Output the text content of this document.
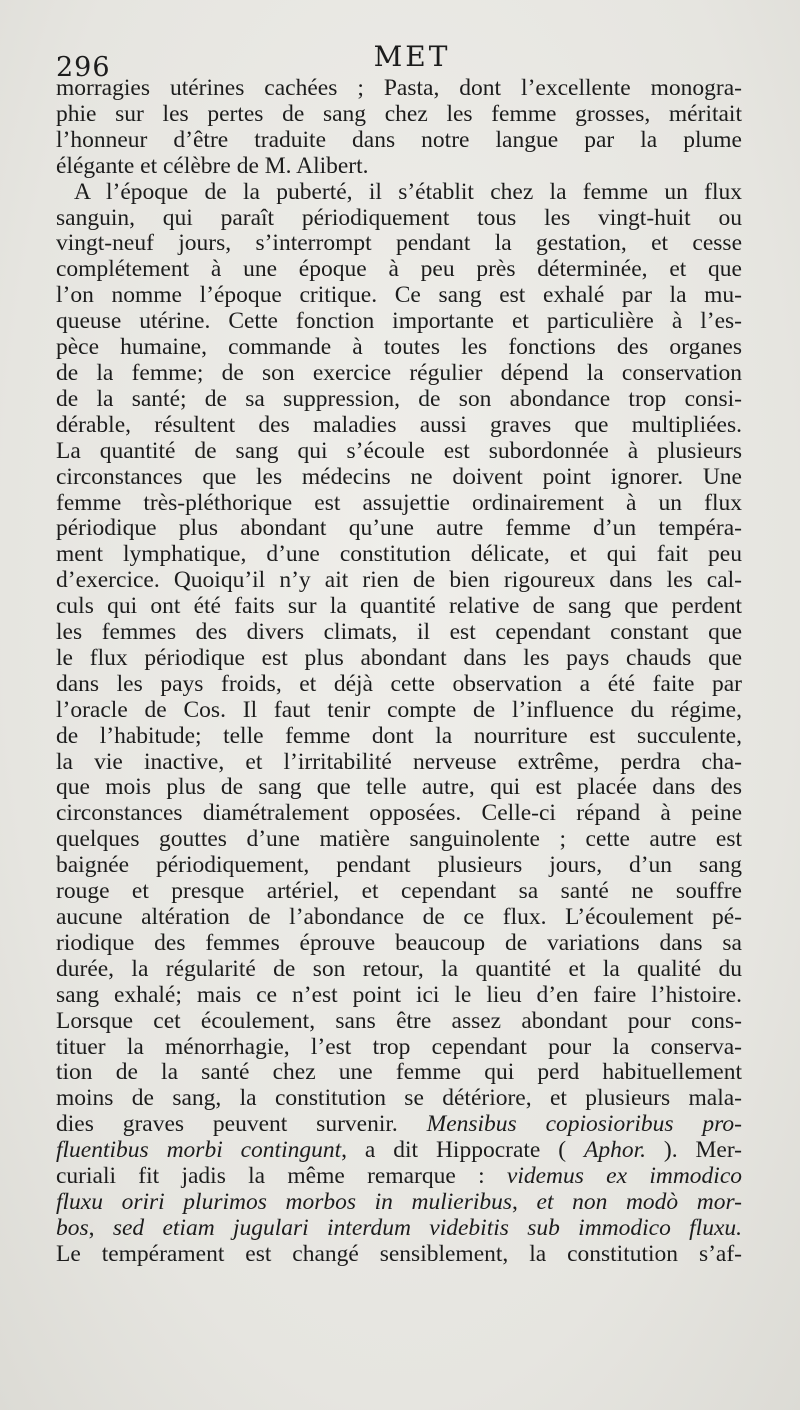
296	MET
morragies utérines cachées ; Pasta, dont l’excellente monogra-
phie sur les pertes de sang chez les femme grosses, méritait
l’honneur d’être traduite dans notre langue par la plume
élégante et célèbre de M. Alibert.
A l’époque de la puberté, il s’établit chez la femme un flux
sanguin, qui paraît périodiquement tous les vingt-huit ou
vingt-neuf jours, s’interrompt pendant la gestation, et cesse
complétement à une époque à peu près déterminée, et que
l’on nomme l’époque critique. Ce sang est exhalé par la mu-
queuse utérine. Cette fonction importante et particulière à l’es-
pèce humaine, commande à toutes les fonctions des organes
de la femme; de son exercice régulier dépend la conservation
de la santé; de sa suppression, de son abondance trop consi-
dérable, résultent des maladies aussi graves que multipliées.
La quantité de sang qui s’écoule est subordonnée à plusieurs
circonstances que les médecins ne doivent point ignorer. Une
femme très-pléthorique est assujettie ordinairement à un flux
périodique plus abondant qu’une autre femme d’un tempéra-
ment lymphatique, d’une constitution délicate, et qui fait peu
d’exercice. Quoiqu’il n’y ait rien de bien rigoureux dans les cal-
culs qui ont été faits sur la quantité relative de sang que perdent
les femmes des divers climats, il est cependant constant que
le flux périodique est plus abondant dans les pays chauds que
dans les pays froids, et déjà cette observation a été faite par
l’oracle de Cos. Il faut tenir compte de l’influence du régime,
de l’habitude; telle femme dont la nourriture est succulente,
la vie inactive, et l’irritabilité nerveuse extrême, perdra cha-
que mois plus de sang que telle autre, qui est placée dans des
circonstances diamétralement opposées. Celle-ci répand à peine
quelques gouttes d’une matière sanguinolente ; cette autre est
baignée périodiquement, pendant plusieurs jours, d’un sang
rouge et presque artériel, et cependant sa santé ne souffre
aucune altération de l’abondance de ce flux. L’écoulement pé-
riodique des femmes éprouve beaucoup de variations dans sa
durée, la régularité de son retour, la quantité et la qualité du
sang exhalé; mais ce n’est point ici le lieu d’en faire l’histoire.
Lorsque cet écoulement, sans être assez abondant pour cons-
tituer la ménorrhagie, l’est trop cependant pour la conserva-
tion de la santé chez une femme qui perd habituellement
moins de sang, la constitution se détériore, et plusieurs mala-
dies graves peuvent survenir. Mensibus copiosioribus pro-
fluentibus morbi contingunt, a dit Hippocrate ( Aphor. ). Mer-
curiali fit jadis la même remarque : videmus ex immodico
fluxu oriri plurimos morbos in mulieribus, et non modò mor-
bos, sed etiam jugulari interdum videbitis sub immodico fluxu.
Le tempérament est changé sensiblement, la constitution s’af-
